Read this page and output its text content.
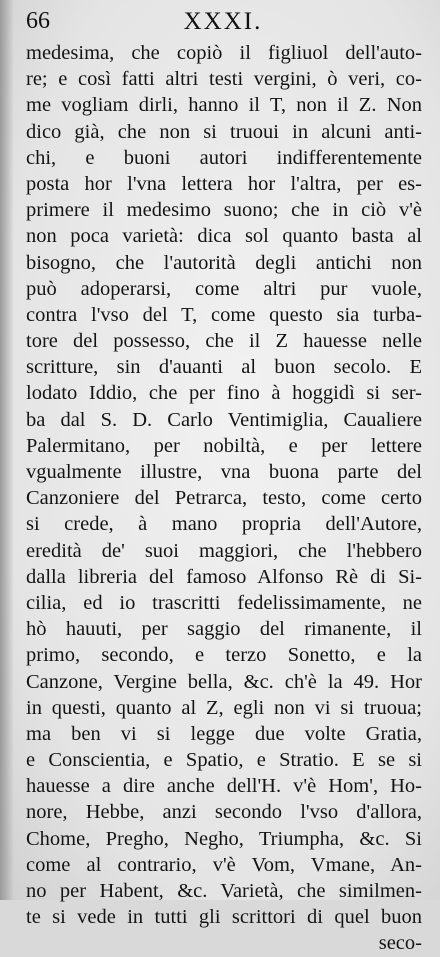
66	XXXI.
medesima, che copiò il figliuol dell'auto-
re; e così fatti altri testi vergini, ò veri, co-
me vogliam dirli, hanno il T, non il Z. Non
dico già, che non si truoui in alcuni anti-
chi, e buoni autori indifferentemente
posta hor l'vna lettera hor l'altra, per es-
primere il medesimo suono; che in ciò v'è
non poca varietà: dica sol quanto basta al
bisogno, che l'autorità degli antichi non
può adoperarsi, come altri pur vuole,
contra l'vso del T, come questo sia turba-
tore del possesso, che il Z hauesse nelle
scritture, sin d'auanti al buon secolo. E
lodato Iddio, che per fino à hoggidì si ser-
ba dal S. D. Carlo Ventimiglia, Caualiere
Palermitano, per nobiltà, e per lettere
vgualmente illustre, vna buona parte del
Canzoniere del Petrarca, testo, come certo
si crede, à mano propria dell'Autore,
eredità de' suoi maggiori, che l'hebbero
dalla libreria del famoso Alfonso Rè di Si-
cilia, ed io trascritti fedelissimamente, ne
hò hauuti, per saggio del rimanente, il
primo, secondo, e terzo Sonetto, e la
Canzone, Vergine bella, &c. ch'è la 49. Hor
in questi, quanto al Z, egli non vi si truoua;
ma ben vi si legge due volte Gratia,
e Conscientia, e Spatio, e Stratio. E se si
hauesse a dire anche dell'H. v'è Hom', Ho-
nore, Hebbe, anzi secondo l'vso d'allora,
Chome, Pregho, Negho, Triumpha, &c. Si
come al contrario, v'è Vom, Vmane, An-
no per Habent, &c. Varietà, che similmen-
te si vede in tutti gli scrittori di quel buon
seco-
